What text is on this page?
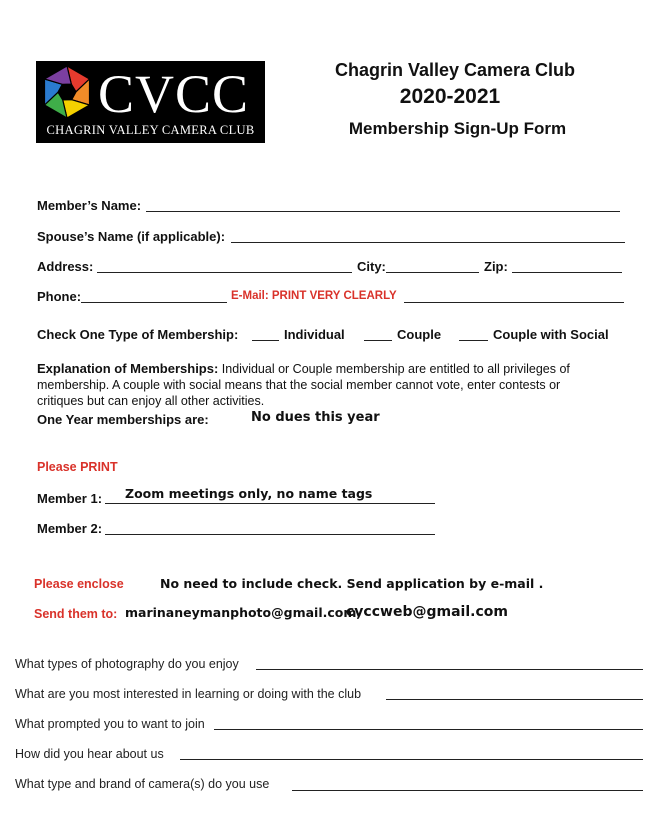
CVCC
CHAGRIN VALLEY CAMERA CLUB
Chagrin Valley Camera Club
2020-2021
Membership Sign-Up Form
Member’s Name:
Spouse’s Name (if applicable):
Address:	City:	Zip:
Phone:	E-Mail: PRINT VERY CLEARLY
Check One Type of Membership:	Individual	Couple	Couple with Social
Explanation of Memberships: Individual or Couple membership are entitled to all privileges of
membership. A couple with social means that the social member cannot vote, enter contests or
critiques but can enjoy all other activities.
One Year memberships are:	No dues this year
Please PRINT
Member 1: Zoom meetings only, no name tags
Member 2:
Please enclose	No need to include check. Send application by e-mail .
Send them to: marinaneymanphoto@gmail.com,
cvccweb@gmail.com
What types of photography do you enjoy
What are you most interested in learning or doing with the club
What prompted you to want to join
How did you hear about us
What type and brand of camera(s) do you use
